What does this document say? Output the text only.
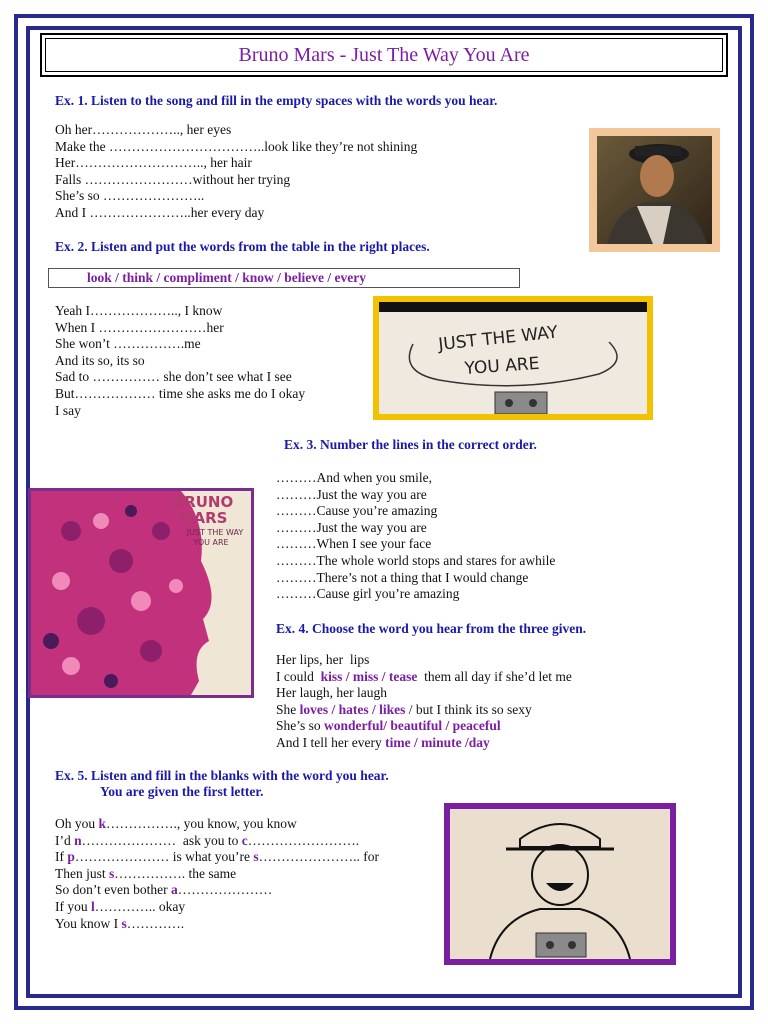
Bruno Mars - Just The Way You Are
Ex. 1. Listen to the song and fill in the empty spaces with the words you hear.
Oh her……………….., her eyes
Make the ……………………………..look like they’re not shining
Her……………………….., her hair
Falls ……………………without her trying
She’s so …………………..
And I …………………..her every day
Ex. 2. Listen and put the words from the table in the right places.
look / think / compliment / know / believe / every
Yeah I……………….., I know
When I ……………………her
She won’t …………….me
And its so, its so
Sad to …………… she don’t see what I see
But……………… time she asks me do I okay
I say
JUST THE WAY
YOU ARE
Ex. 3. Number the lines in the correct order.
BRUNO
MARS
JUST THE WAY
YOU ARE
………And when you smile,
………Just the way you are
………Cause you’re amazing
………Just the way you are
………When I see your face
………The whole world stops and stares for awhile
………There’s not a thing that I would change
………Cause girl you’re amazing
Ex. 4. Choose the word you hear from the three given.
Her lips, her  lips
I could  kiss / miss / tease  them all day if she’d let me
Her laugh, her laugh
She loves / hates / likes / but I think its so sexy
She’s so wonderful/ beautiful / peaceful
And I tell her every time / minute /day
Ex. 5. Listen and fill in the blanks with the word you hear.
You are given the first letter.
Oh you k……………., you know, you know
I’d n…………………  ask you to c…………………….
If p………………… is what you’re s………………….. for
Then just s……………. the same
So don’t even bother a…………………
If you l………….. okay
You know I s………….
